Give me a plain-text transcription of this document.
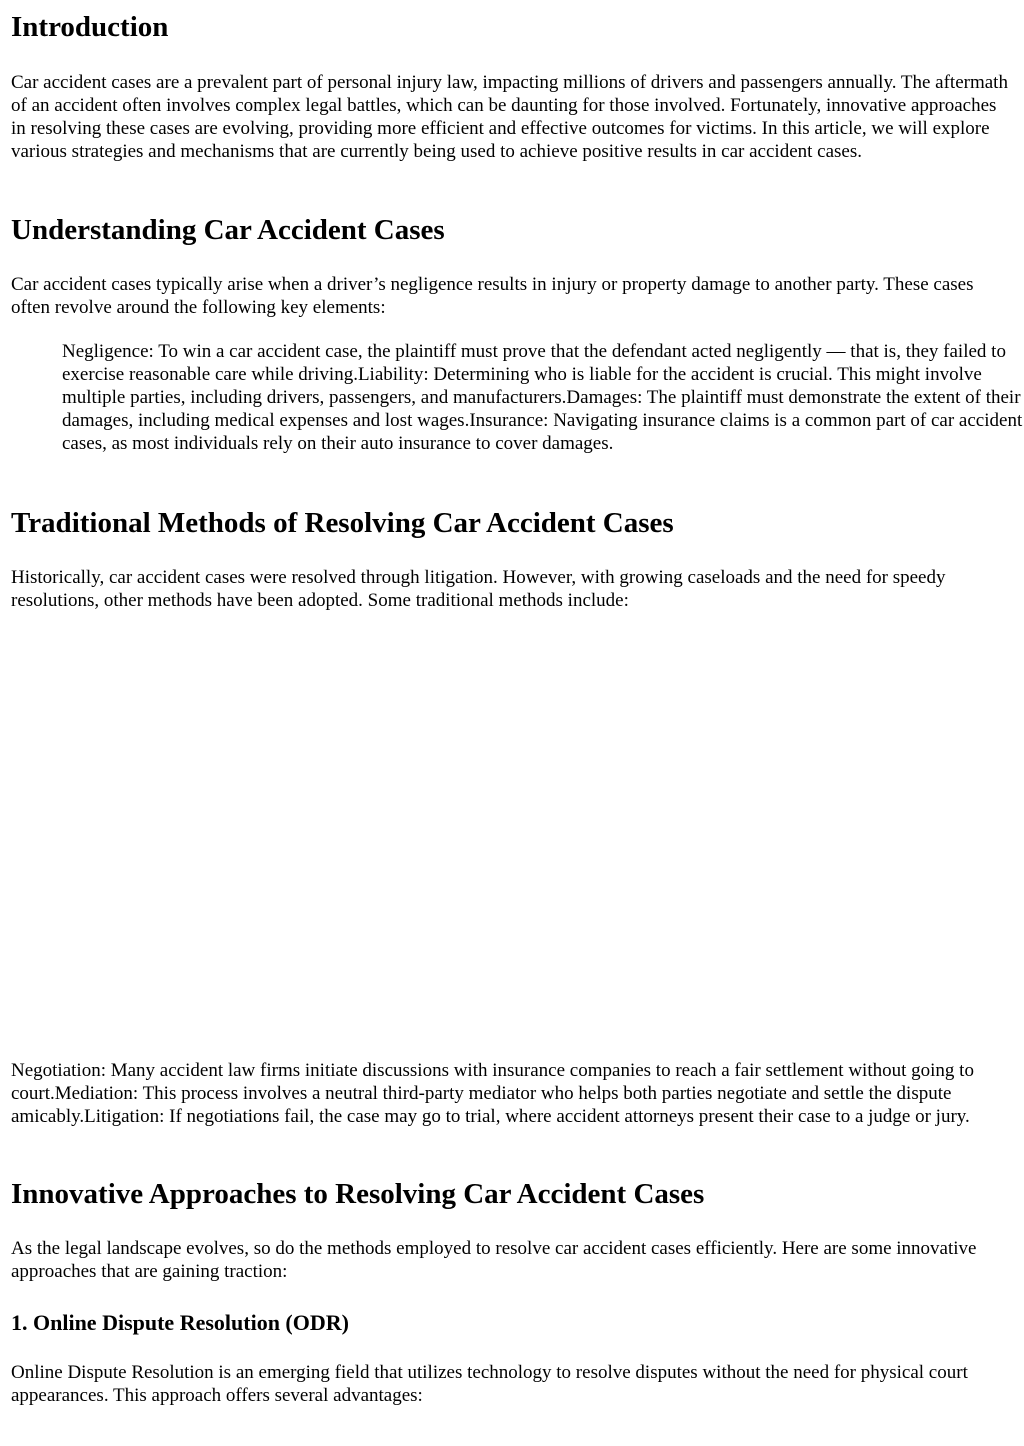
Introduction

Car accident cases are a prevalent part of personal injury law, impacting millions of drivers and passengers annually. The aftermath of an accident often involves complex legal battles, which can be daunting for those involved. Fortunately, innovative approaches in resolving these cases are evolving, providing more efficient and effective outcomes for victims. In this article, we will explore various strategies and mechanisms that are currently being used to achieve positive results in car accident cases.

Understanding Car Accident Cases

Car accident cases typically arise when a driver’s negligence results in injury or property damage to another party. These cases often revolve around the following key elements:

Negligence: To win a car accident case, the plaintiff must prove that the defendant acted negligently — that is, they failed to exercise reasonable care while driving.Liability: Determining who is liable for the accident is crucial. This might involve multiple parties, including drivers, passengers, and manufacturers.Damages: The plaintiff must demonstrate the extent of their damages, including medical expenses and lost wages.Insurance: Navigating insurance claims is a common part of car accident cases, as most individuals rely on their auto insurance to cover damages.
Traditional Methods of Resolving Car Accident Cases

Historically, car accident cases were resolved through litigation. However, with growing caseloads and the need for speedy resolutions, other methods have been adopted. Some traditional methods include:

Negotiation: Many accident law firms initiate discussions with insurance companies to reach a fair settlement without going to court.Mediation: This process involves a neutral third-party mediator who helps both parties negotiate and settle the dispute amicably.Litigation: If negotiations fail, the case may go to trial, where accident attorneys present their case to a judge or jury.

Innovative Approaches to Resolving Car Accident Cases

As the legal landscape evolves, so do the methods employed to resolve car accident cases efficiently. Here are some innovative approaches that are gaining traction:

1. Online Dispute Resolution (ODR)

Online Dispute Resolution is an emerging field that utilizes technology to resolve disputes without the need for physical court appearances. This approach offers several advantages:
